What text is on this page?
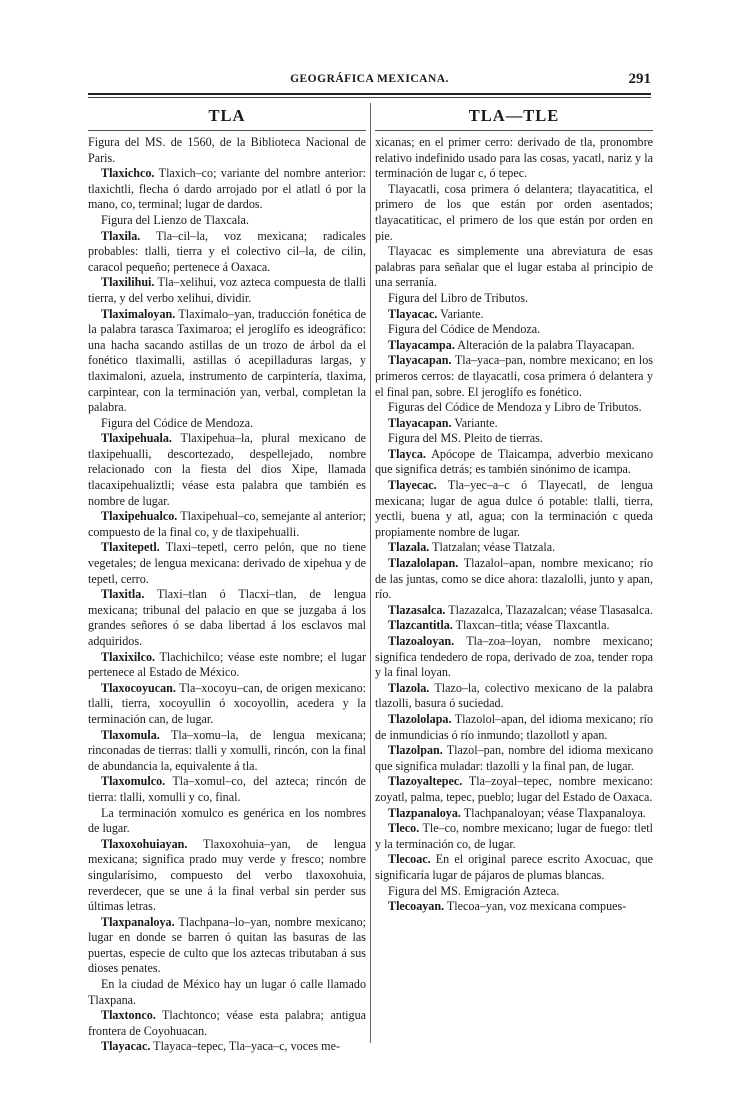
GEOGRÁFICA MEXICANA.	291
TLA

Figura del MS. de 1560, de la Biblioteca Nacional de Paris.

Tlaxichco. Tlaxich–co; variante del nombre anterior: tlaxichtli, flecha ó dardo arrojado por el atlatl ó por la mano, co, terminal; lugar de dardos.

Figura del Lienzo de Tlaxcala.

Tlaxila. Tla–cil–la, voz mexicana; radicales probables: tlalli, tierra y el colectivo cil–la, de cilin, caracol pequeño; pertenece á Oaxaca.

Tlaxilihui. Tla–xelihui, voz azteca compuesta de tlalli tierra, y del verbo xelihui, dividir.

Tlaximaloyan. Tlaximalo–yan, traducción fonética de la palabra tarasca Taximaroa; el jeroglífo es ideográfico: una hacha sacando astillas de un trozo de árbol da el fonético tlaximalli, astillas ó acepilladuras largas, y tlaximaloni, azuela, instrumento de carpintería, tlaxima, carpintear, con la terminación yan, verbal, completan la palabra.

Figura del Códice de Mendoza.

Tlaxipehuala. Tlaxipehua–la, plural mexicano de tlaxipehualli, descortezado, despellejado, nombre relacionado con la fiesta del dios Xipe, llamada tlacaxipehualiztli; véase esta palabra que también es nombre de lugar.

Tlaxipehualco. Tlaxipehual–co, semejante al anterior; compuesto de la final co, y de tlaxipehualli.

Tlaxitepetl. Tlaxi–tepetl, cerro pelón, que no tiene vegetales; de lengua mexicana: derivado de xipehua y de tepetl, cerro.

Tlaxitla. Tlaxi–tlan ó Tlacxi–tlan, de lengua mexicana; tribunal del palacio en que se juzgaba á los grandes señores ó se daba libertad á los esclavos mal adquiridos.

Tlaxixilco. Tlachichilco; véase este nombre; el lugar pertenece al Estado de México.

Tlaxocoyucan. Tla–xocoyu–can, de origen mexicano: tlalli, tierra, xocoyullin ó xocoyollin, acedera y la terminación can, de lugar.

Tlaxomula. Tla–xomu–la, de lengua mexicana; rinconadas de tierras: tlalli y xomulli, rincón, con la final de abundancia la, equivalente á tla.

Tlaxomulco. Tla–xomul–co, del azteca; rincón de tierra: tlalli, xomulli y co, final.

La terminación xomulco es genérica en los nombres de lugar.

Tlaxoxohuiayan. Tlaxoxohuia–yan, de lengua mexicana; significa prado muy verde y fresco; nombre singularísimo, compuesto del verbo tlaxoxohuia, reverdecer, que se une á la final verbal sin perder sus últimas letras.

Tlaxpanaloya. Tlachpana–lo–yan, nombre mexicano; lugar en donde se barren ó quitan las basuras de las puertas, especie de culto que los aztecas tributaban á sus dioses penates.

En la ciudad de México hay un lugar ó calle llamado Tlaxpana.

Tlaxtonco. Tlachtonco; véase esta palabra; antigua frontera de Coyohuacan.

Tlayacac. Tlayaca–tepec, Tla–yaca–c, voces me-

TLA—TLE

xicanas; en el primer cerro: derivado de tla, pronombre relativo indefinido usado para las cosas, yacatl, nariz y la terminación de lugar c, ó tepec.

Tlayacatli, cosa primera ó delantera; tlayacatitica, el primero de los que están por orden asentados; tlayacatiticac, el primero de los que están por orden en pie.

Tlayacac es simplemente una abreviatura de esas palabras para señalar que el lugar estaba al principio de una serranía.

Figura del Libro de Tributos.

Tlayacac. Variante.

Figura del Códice de Mendoza.

Tlayacampa. Alteración de la palabra Tlayacapan.

Tlayacapan. Tla–yaca–pan, nombre mexicano; en los primeros cerros: de tlayacatli, cosa primera ó delantera y el final pan, sobre. El jeroglífo es fonético.

Figuras del Códice de Mendoza y Libro de Tributos.

Tlayacapan. Variante.

Figura del MS. Pleito de tierras.

Tlayca. Apócope de Tlaicampa, adverbio mexicano que significa detrás; es también sinónimo de icampa.

Tlayecac. Tla–yec–a–c ó Tlayecatl, de lengua mexicana; lugar de agua dulce ó potable: tlalli, tierra, yectli, buena y atl, agua; con la terminación c queda propiamente nombre de lugar.

Tlazala. Tlatzalan; véase Tlatzala.

Tlazalolapan. Tlazalol–apan, nombre mexicano; río de las juntas, como se dice ahora: tlazalolli, junto y apan, río.

Tlazasalca. Tlazazalca, Tlazazalcan; véase Tlasasalca.

Tlazcantitla. Tlaxcan–titla; véase Tlaxcantla.

Tlazoaloyan. Tla–zoa–loyan, nombre mexicano; significa tendedero de ropa, derivado de zoa, tender ropa y la final loyan.

Tlazola. Tlazo–la, colectivo mexicano de la palabra tlazolli, basura ó suciedad.

Tlazololapa. Tlazolol–apan, del idioma mexicano; río de inmundicias ó río inmundo; tlazollotl y apan.

Tlazolpan. Tlazol–pan, nombre del idioma mexicano que significa muladar: tlazolli y la final pan, de lugar.

Tlazoyaltepec. Tla–zoyal–tepec, nombre mexicano: zoyatl, palma, tepec, pueblo; lugar del Estado de Oaxaca.

Tlazpanaloya. Tlachpanaloyan; véase Tlaxpanaloya.

Tleco. Tle–co, nombre mexicano; lugar de fuego: tletl y la terminación co, de lugar.

Tlecoac. En el original parece escrito Axocuac, que significaría lugar de pájaros de plumas blancas.

Figura del MS. Emigración Azteca.

Tlecoayan. Tlecoa–yan, voz mexicana compues-
